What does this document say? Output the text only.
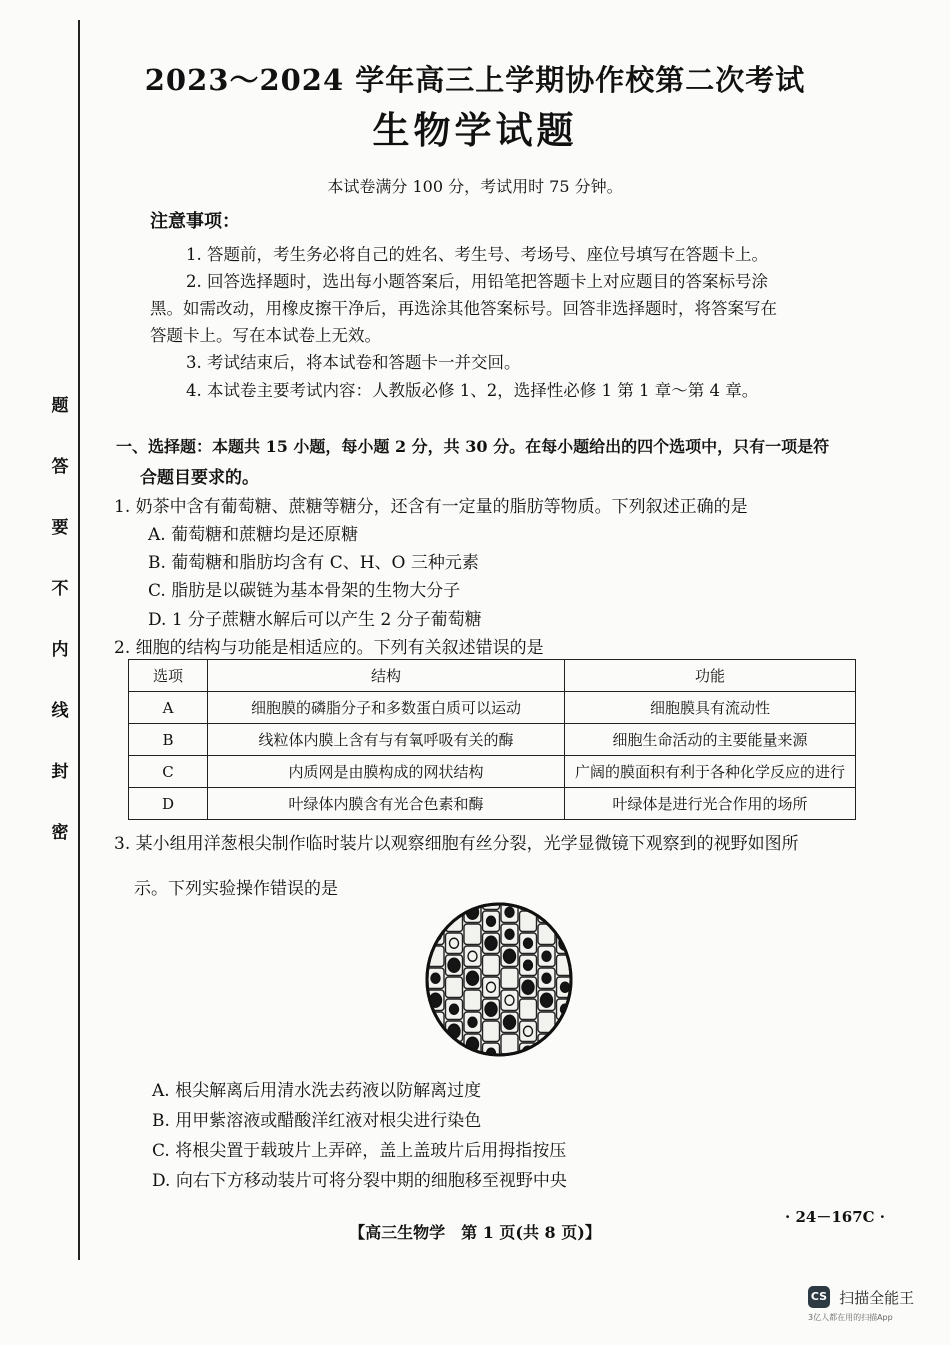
题
答
要
不
内
线
封
密
2023～2024 学年高三上学期协作校第二次考试
生物学试题
本试卷满分 100 分，考试用时 75 分钟。
注意事项：
1. 答题前，考生务必将自己的姓名、考生号、考场号、座位号填写在答题卡上。
2. 回答选择题时，选出每小题答案后，用铅笔把答题卡上对应题目的答案标号涂
黑。如需改动，用橡皮擦干净后，再选涂其他答案标号。回答非选择题时，将答案写在
答题卡上。写在本试卷上无效。
3. 考试结束后，将本试卷和答题卡一并交回。
4. 本试卷主要考试内容：人教版必修 1、2，选择性必修 1 第 1 章～第 4 章。
一、选择题：本题共 15 小题，每小题 2 分，共 30 分。在每小题给出的四个选项中，只有一项是符
合题目要求的。
1. 奶茶中含有葡萄糖、蔗糖等糖分，还含有一定量的脂肪等物质。下列叙述正确的是
A. 葡萄糖和蔗糖均是还原糖
B. 葡萄糖和脂肪均含有 C、H、O 三种元素
C. 脂肪是以碳链为基本骨架的生物大分子
D. 1 分子蔗糖水解后可以产生 2 分子葡萄糖
2. 细胞的结构与功能是相适应的。下列有关叙述错误的是
选项	结构	功能
A	细胞膜的磷脂分子和多数蛋白质可以运动	细胞膜具有流动性
B	线粒体内膜上含有与有氧呼吸有关的酶	细胞生命活动的主要能量来源
C	内质网是由膜构成的网状结构	广阔的膜面积有利于各种化学反应的进行
D	叶绿体内膜含有光合色素和酶	叶绿体是进行光合作用的场所
3. 某小组用洋葱根尖制作临时装片以观察细胞有丝分裂，光学显微镜下观察到的视野如图所
示。下列实验操作错误的是
A. 根尖解离后用清水洗去药液以防解离过度
B. 用甲紫溶液或醋酸洋红液对根尖进行染色
C. 将根尖置于载玻片上弄碎，盖上盖玻片后用拇指按压
D. 向右下方移动装片可将分裂中期的细胞移至视野中央
· 24－167C ·
【高三生物学　第 1 页(共 8 页)】
CS 扫描全能王
3亿人都在用的扫描App
